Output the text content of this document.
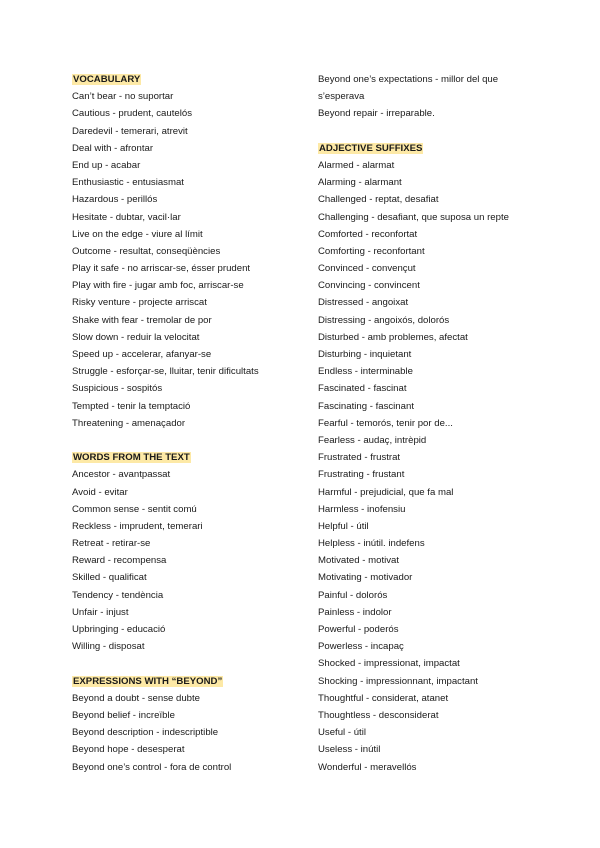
VOCABULARY
Can’t bear - no suportar
Cautious - prudent, cautelós
Daredevil - temerari, atrevit
Deal with - afrontar
End up - acabar
Enthusiastic - entusiasmat
Hazardous - perillós
Hesitate - dubtar, vacil·lar
Live on the edge - viure al límit
Outcome - resultat, conseqüències
Play it safe - no arriscar-se, ésser prudent
Play with fire - jugar amb foc, arriscar-se
Risky venture - projecte arriscat
Shake with fear - tremolar de por
Slow down - reduir la velocitat
Speed up - accelerar, afanyar-se
Struggle - esforçar-se, lluitar, tenir dificultats
Suspicious - sospitós
Tempted - tenir la temptació
Threatening - amenaçador
WORDS FROM THE TEXT
Ancestor - avantpassat
Avoid - evitar
Common sense - sentit comú
Reckless - imprudent, temerari
Retreat - retirar-se
Reward - recompensa
Skilled - qualificat
Tendency - tendència
Unfair - injust
Upbringing - educació
Willing - disposat
EXPRESSIONS WITH “BEYOND”
Beyond a doubt - sense dubte
Beyond belief - increïble
Beyond description - indescriptible
Beyond hope - desesperat
Beyond one’s control - fora de control
Beyond one’s expectations - millor del que
s’esperava
Beyond repair - irreparable.
ADJECTIVE SUFFIXES
Alarmed - alarmat
Alarming - alarmant
Challenged - reptat, desafiat
Challenging - desafiant, que suposa un repte
Comforted - reconfortat
Comforting - reconfortant
Convinced - convençut
Convincing - convincent
Distressed - angoixat
Distressing - angoixós, dolorós
Disturbed - amb problemes, afectat
Disturbing - inquietant
Endless - interminable
Fascinated - fascinat
Fascinating - fascinant
Fearful - temorós, tenir por de...
Fearless - audaç, intrèpid
Frustrated - frustrat
Frustrating - frustant
Harmful - prejudicial, que fa mal
Harmless - inofensiu
Helpful - útil
Helpless - inútil. indefens
Motivated - motivat
Motivating - motivador
Painful - dolorós
Painless - indolor
Powerful - poderós
Powerless - incapaç
Shocked - impressionat, impactat
Shocking - impressionnant, impactant
Thoughtful - considerat, atanet
Thoughtless - desconsiderat
Useful - útil
Useless - inútil
Wonderful - meravellós
